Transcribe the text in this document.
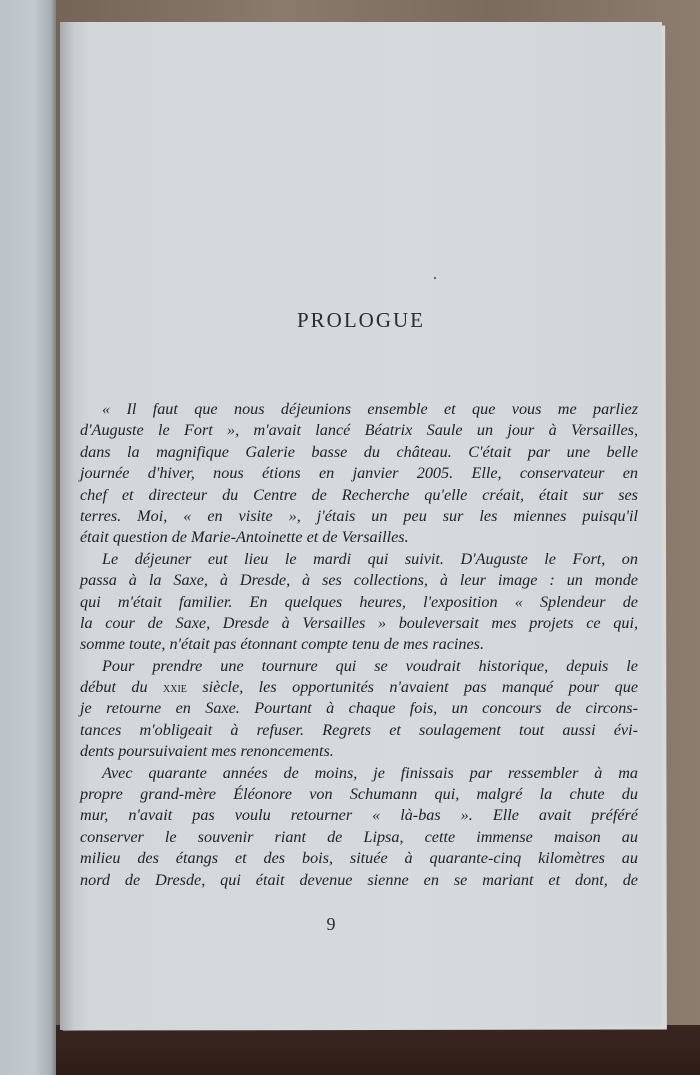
PROLOGUE
« Il faut que nous déjeunions ensemble et que vous me parliez
d'Auguste le Fort », m'avait lancé Béatrix Saule un jour à Versailles,
dans la magnifique Galerie basse du château. C'était par une belle
journée d'hiver, nous étions en janvier 2005. Elle, conservateur en
chef et directeur du Centre de Recherche qu'elle créait, était sur ses
terres. Moi, « en visite », j'étais un peu sur les miennes puisqu'il
était question de Marie-Antoinette et de Versailles.
Le déjeuner eut lieu le mardi qui suivit. D'Auguste le Fort, on
passa à la Saxe, à Dresde, à ses collections, à leur image : un monde
qui m'était familier. En quelques heures, l'exposition « Splendeur de
la cour de Saxe, Dresde à Versailles » bouleversait mes projets ce qui,
somme toute, n'était pas étonnant compte tenu de mes racines.
Pour prendre une tournure qui se voudrait historique, depuis le
début du xxie siècle, les opportunités n'avaient pas manqué pour que
je retourne en Saxe. Pourtant à chaque fois, un concours de circons-
tances m'obligeait à refuser. Regrets et soulagement tout aussi évi-
dents poursuivaient mes renoncements.
Avec quarante années de moins, je finissais par ressembler à ma
propre grand-mère Éléonore von Schumann qui, malgré la chute du
mur, n'avait pas voulu retourner « là-bas ». Elle avait préféré
conserver le souvenir riant de Lipsa, cette immense maison au
milieu des étangs et des bois, située à quarante-cinq kilomètres au
nord de Dresde, qui était devenue sienne en se mariant et dont, de
9
